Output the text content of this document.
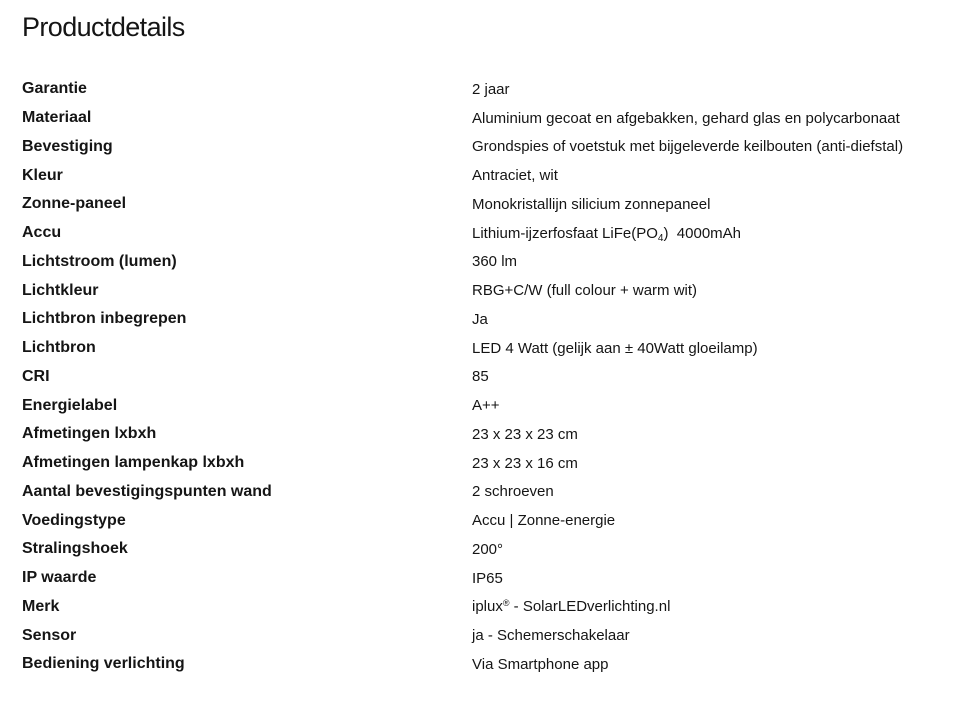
Productdetails
Garantie	2 jaar
Materiaal	Aluminium gecoat en afgebakken, gehard glas en polycarbonaat
Bevestiging	Grondspies of voetstuk met bijgeleverde keilbouten (anti-diefstal)
Kleur	Antraciet, wit
Zonne-paneel	Monokristallijn silicium zonnepaneel
Accu	Lithium-ijzerfosfaat $LiFe(PO_4)$  4000mAh
Lichtstroom (lumen)	360 lm
Lichtkleur	RBG+C/W (full colour + warm wit)
Lichtbron inbegrepen	Ja
Lichtbron	LED 4 Watt (gelijk aan ± 40Watt gloeilamp)
CRI	85
Energielabel	A++
Afmetingen lxbxh	23 x 23 x 23 cm
Afmetingen lampenkap lxbxh	23 x 23 x 16 cm
Aantal bevestigingspunten wand	2 schroeven
Voedingstype	Accu | Zonne-energie
Stralingshoek	200°
IP waarde	IP65
Merk	iplux® - SolarLEDverlichting.nl
Sensor	ja - Schemerschakelaar
Bediening verlichting	Via Smartphone app
